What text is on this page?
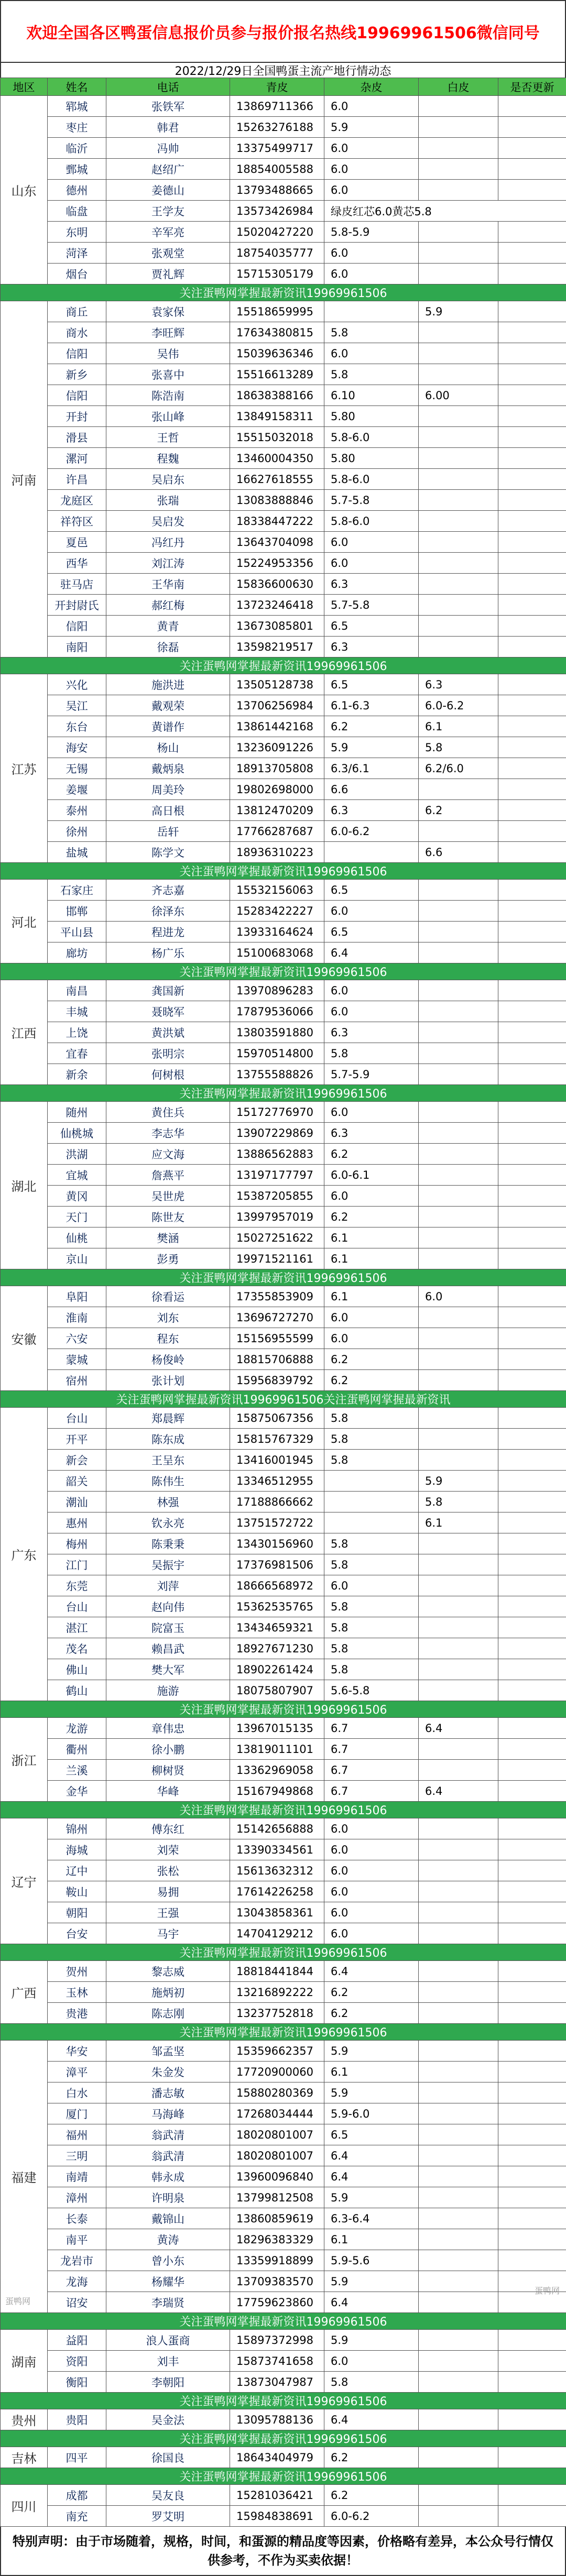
欢迎全国各区鸭蛋信息报价员参与报价报名热线19969961506微信同号
2022/12/29日全国鸭蛋主流产地行情动态
地区	姓名	电话	青皮	杂皮	白皮	是否更新	
山东	郓城	张铁军	13869711366	6.0			
	枣庄	韩君	15263276188	5.9			
	临沂	冯帅	13375499717	6.0			
	鄄城	赵绍广	18854005588	6.0			
	德州	姜德山	13793488665	6.0			
	临盘	王学友	13573426984	绿皮红芯6.0黄芯5.8	
	东明	辛军亮	15020427220	5.8-5.9			
	菏泽	张观堂	18754035777	6.0			
	烟台	贾礼辉	15715305179	6.0			
关注蛋鸭网掌握最新资讯19969961506							
河南	商丘	袁家保	15518659995		5.9		
	商水	李旺辉	17634380815	5.8			
	信阳	吴伟	15039636346	6.0			
	新乡	张喜中	15516613289	5.8			
	信阳	陈浩南	18638388166	6.10	6.00		
	开封	张山峰	13849158311	5.80			
	滑县	王哲	15515032018	5.8-6.0			
	漯河	程魏	13460004350	5.80			
	许昌	吴启东	16627618555	5.8-6.0			
	龙庭区	张瑞	13083888846	5.7-5.8			
	祥符区	吴启发	18338447222	5.8-6.0			
	夏邑	冯红丹	13643704098	6.0			
	西华	刘江涛	15224953356	6.0			
	驻马店	王华南	15836600630	6.3			
	开封尉氏	郝红梅	13723246418	5.7-5.8			
	信阳	黄青	13673085801	6.5			
	南阳	徐磊	13598219517	6.3			
关注蛋鸭网掌握最新资讯19969961506							
江苏	兴化	施洪进	13505128738	6.5	6.3		
	吴江	戴观荣	13706256984	6.1-6.3	6.0-6.2		
	东台	黄谱作	13861442168	6.2	6.1		
	海安	杨山	13236091226	5.9	5.8		
	无锡	戴炳泉	18913705808	6.3/6.1	6.2/6.0		
	姜堰	周美玲	19802698000	6.6			
	泰州	高日根	13812470209	6.3	6.2		
	徐州	岳轩	17766287687	6.0-6.2			
	盐城	陈学文	18936310223		6.6		
关注蛋鸭网掌握最新资讯19969961506							
河北	石家庄	齐志嘉	15532156063	6.5			
	邯郸	徐泽东	15283422227	6.0			
	平山县	程进龙	13933164624	6.5			
	廊坊	杨广乐	15100683068	6.4			
关注蛋鸭网掌握最新资讯19969961506							
江西	南昌	龚国新	13970896283	6.0			
	丰城	聂晓军	17879536066	6.0			
	上饶	黄洪斌	13803591880	6.3			
	宜春	张明宗	15970514800	5.8			
	新余	何树根	13755588826	5.7-5.9			
关注蛋鸭网掌握最新资讯19969961506							
湖北	随州	黄住兵	15172776970	6.0			
	仙桃城	李志华	13907229869	6.3			
	洪湖	应文海	13886562883	6.2			
	宜城	詹燕平	13197177797	6.0-6.1			
	黄冈	吴世虎	15387205855	6.0			
	天门	陈世友	13997957019	6.2			
	仙桃	樊涵	15027251622	6.1			
	京山	彭勇	19971521161	6.1			
关注蛋鸭网掌握最新资讯19969961506							
安徽	阜阳	徐看运	17355853909	6.1	6.0		
	淮南	刘东	13696727270	6.0			
	六安	程东	15156955599	6.0			
	蒙城	杨俊岭	18815706888	6.2			
	宿州	张计划	15956839792	6.2			
关注蛋鸭网掌握最新资讯19969961506关注蛋鸭网掌握最新资讯							
广东	台山	郑晨辉	15875067356	5.8			
	开平	陈东成	15815767329	5.8			
	新会	王呈东	13416001945	5.8			
	韶关	陈伟生	13346512955		5.9		
	潮汕	林强	17188866662		5.8		
	惠州	钦永亮	13751572722		6.1		
	梅州	陈秉秉	13430156960	5.8			
	江门	吴振宇	17376981506	5.8			
	东莞	刘萍	18666568972	6.0			
	台山	赵向伟	15362535765	5.8			
	湛江	院富玉	13434659321	5.8			
	茂名	赖昌武	18927671230	5.8			
	佛山	樊大军	18902261424	5.8			
	鹤山	施游	18075807907	5.6-5.8			
关注蛋鸭网掌握最新资讯19969961506							
浙江	龙游	章伟忠	13967015135	6.7	6.4		
	衢州	徐小鹏	13819011101	6.7			
	兰溪	柳树贤	13362969058	6.7			
	金华	华峰	15167949868	6.7	6.4		
关注蛋鸭网掌握最新资讯19969961506							
辽宁	锦州	傅东红	15142656888	6.0			
	海城	刘荣	13390334561	6.0			
	辽中	张松	15613632312	6.0			
	鞍山	易拥	17614226258	6.0			
	朝阳	王强	13043858361	6.0			
	台安	马宇	14704129212	6.0			
关注蛋鸭网掌握最新资讯19969961506							
广西	贺州	黎志威	18818441844	6.4			
	玉林	施炳初	13216892222	6.2			
	贵港	陈志刚	13237752818	6.2			
关注蛋鸭网掌握最新资讯19969961506							
福建	华安	邹孟坚	15359662357	5.9			
	漳平	朱金发	17720900060	6.1			
	白水	潘志敏	15880280369	5.9			
	厦门	马海峰	17268034444	5.9-6.0			
	福州	翁武清	18020801007	6.5			
	三明	翁武清	18020801007	6.4			
	南靖	韩永成	13960096840	6.4			
	漳州	许明泉	13799812508	5.9			
	长泰	戴锦山	13860859619	6.3-6.4			
	南平	黄涛	18296383329	6.1			
	龙岩市	曾小东	13359918899	5.9-5.6			
	龙海	杨耀华	13709383570	5.9			
	诏安	李瑞贤	17759623860	6.4			
关注蛋鸭网掌握最新资讯19969961506							
湖南	益阳	浪人蛋商	15897372998	5.9			
	资阳	刘丰	15873741658	6.0			
	衡阳	李朝阳	13873047987	5.8			
关注蛋鸭网掌握最新资讯19969961506							
贵州	贵阳	吴金法	13095788136	6.4			
关注蛋鸭网掌握最新资讯19969961506							
吉林	四平	徐国良	18643404979	6.2			
关注蛋鸭网掌握最新资讯19969961506							
四川	成都	吴友良	15281036421	6.2			
	南充	罗艾明	15984838691	6.0-6.2			
特别声明：由于市场随着，规格，时间，和蛋源的精品度等因素，价格略有差异，本公众号行情仅供参考，不作为买卖依据！
蛋鸭网
蛋鸭网
